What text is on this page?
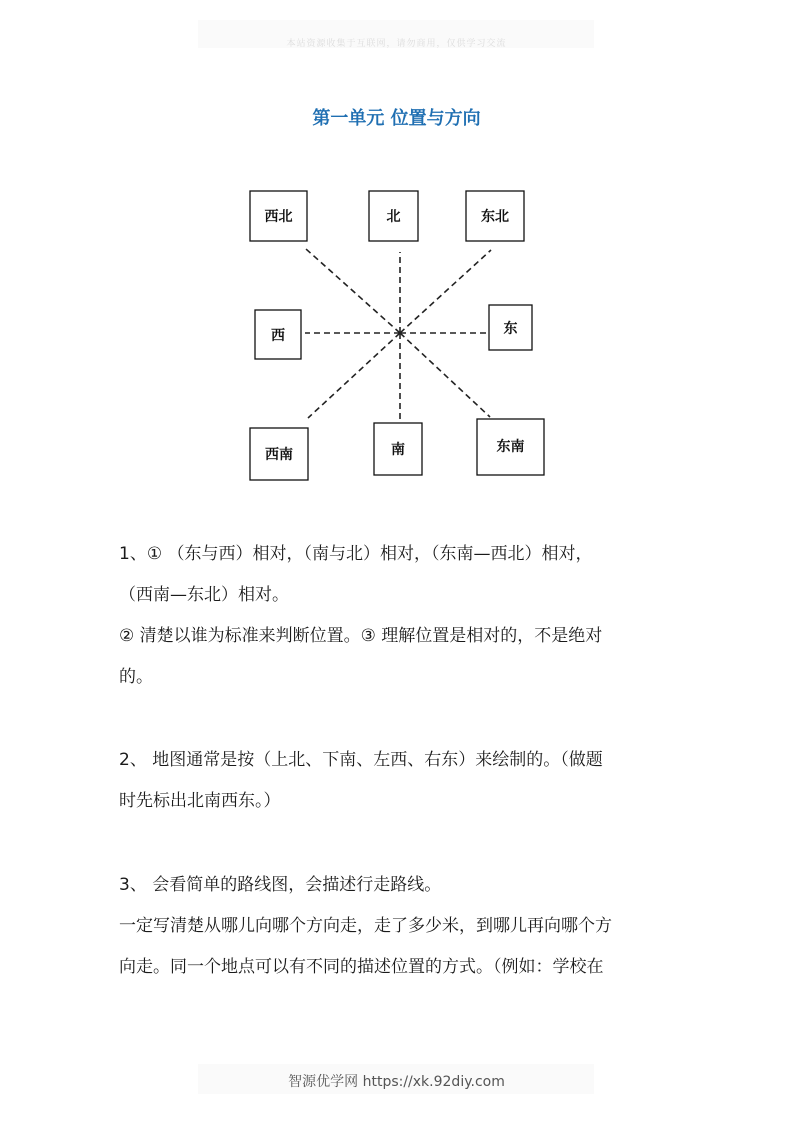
本站资源收集于互联网，请勿商用，仅供学习交流
第一单元 位置与方向
西北	北	东北
西	东
西南	南	东南
1、① （东与西）相对，（南与北）相对，（东南—西北）相对，
（西南—东北）相对。
② 清楚以谁为标准来判断位置。③ 理解位置是相对的，不是绝对
的。
2、 地图通常是按（上北、下南、左西、右东）来绘制的。（做题
时先标出北南西东。）
3、 会看简单的路线图，会描述行走路线。
一定写清楚从哪儿向哪个方向走，走了多少米，到哪儿再向哪个方
向走。同一个地点可以有不同的描述位置的方式。（例如：学校在
智源优学网 https://xk.92diy.com
